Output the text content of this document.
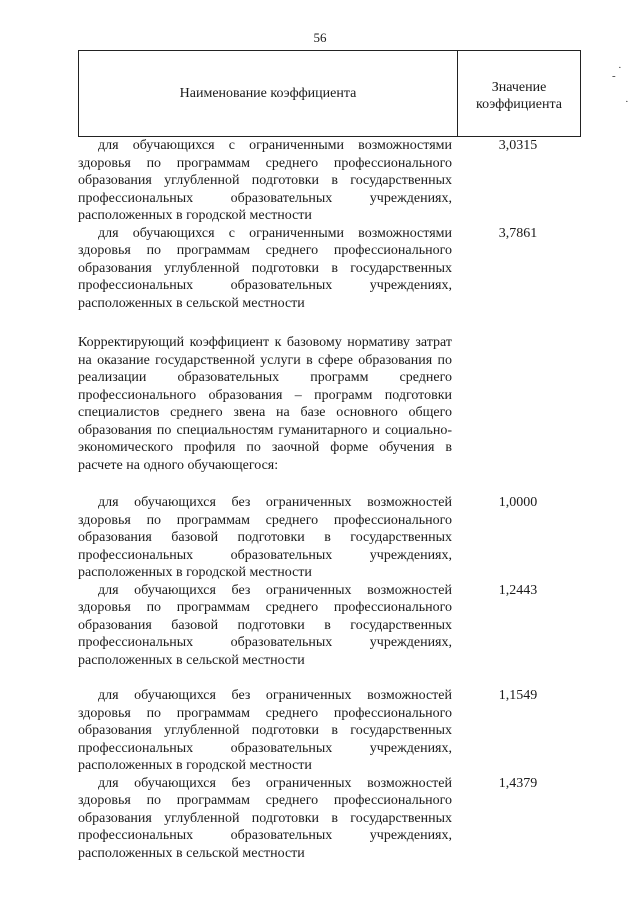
56
·
-
·
Наименование коэффициента	Значение
коэффициента
для обучающихся с ограниченными возможностями здоровья по программам среднего профессионального образования углубленной подготовки в государственных профессиональных образовательных учреждениях, расположенных в городской местности
3,0315
для обучающихся с ограниченными возможностями здоровья по программам среднего профессионального образования углубленной подготовки в государственных профессиональных образовательных учреждениях, расположенных в сельской местности
3,7861
Корректирующий коэффициент к базовому нормативу затрат на оказание государственной услуги в сфере образования по реализации образовательных программ среднего профессионального образования – программ подготовки специалистов среднего звена на базе основного общего образования по специальностям гуманитарного и социально-экономического профиля по заочной форме обучения в расчете на одного обучающегося:
для обучающихся без ограниченных возможностей здоровья по программам среднего профессионального образования базовой подготовки в государственных профессиональных образовательных учреждениях, расположенных в городской местности
1,0000
для обучающихся без ограниченных возможностей здоровья по программам среднего профессионального образования базовой подготовки в государственных профессиональных образовательных учреждениях, расположенных в сельской местности
1,2443
для обучающихся без ограниченных возможностей здоровья по программам среднего профессионального образования углубленной подготовки в государственных профессиональных образовательных учреждениях, расположенных в городской местности
1,1549
для обучающихся без ограниченных возможностей здоровья по программам среднего профессионального образования углубленной подготовки в государственных профессиональных образовательных учреждениях, расположенных в сельской местности
1,4379
